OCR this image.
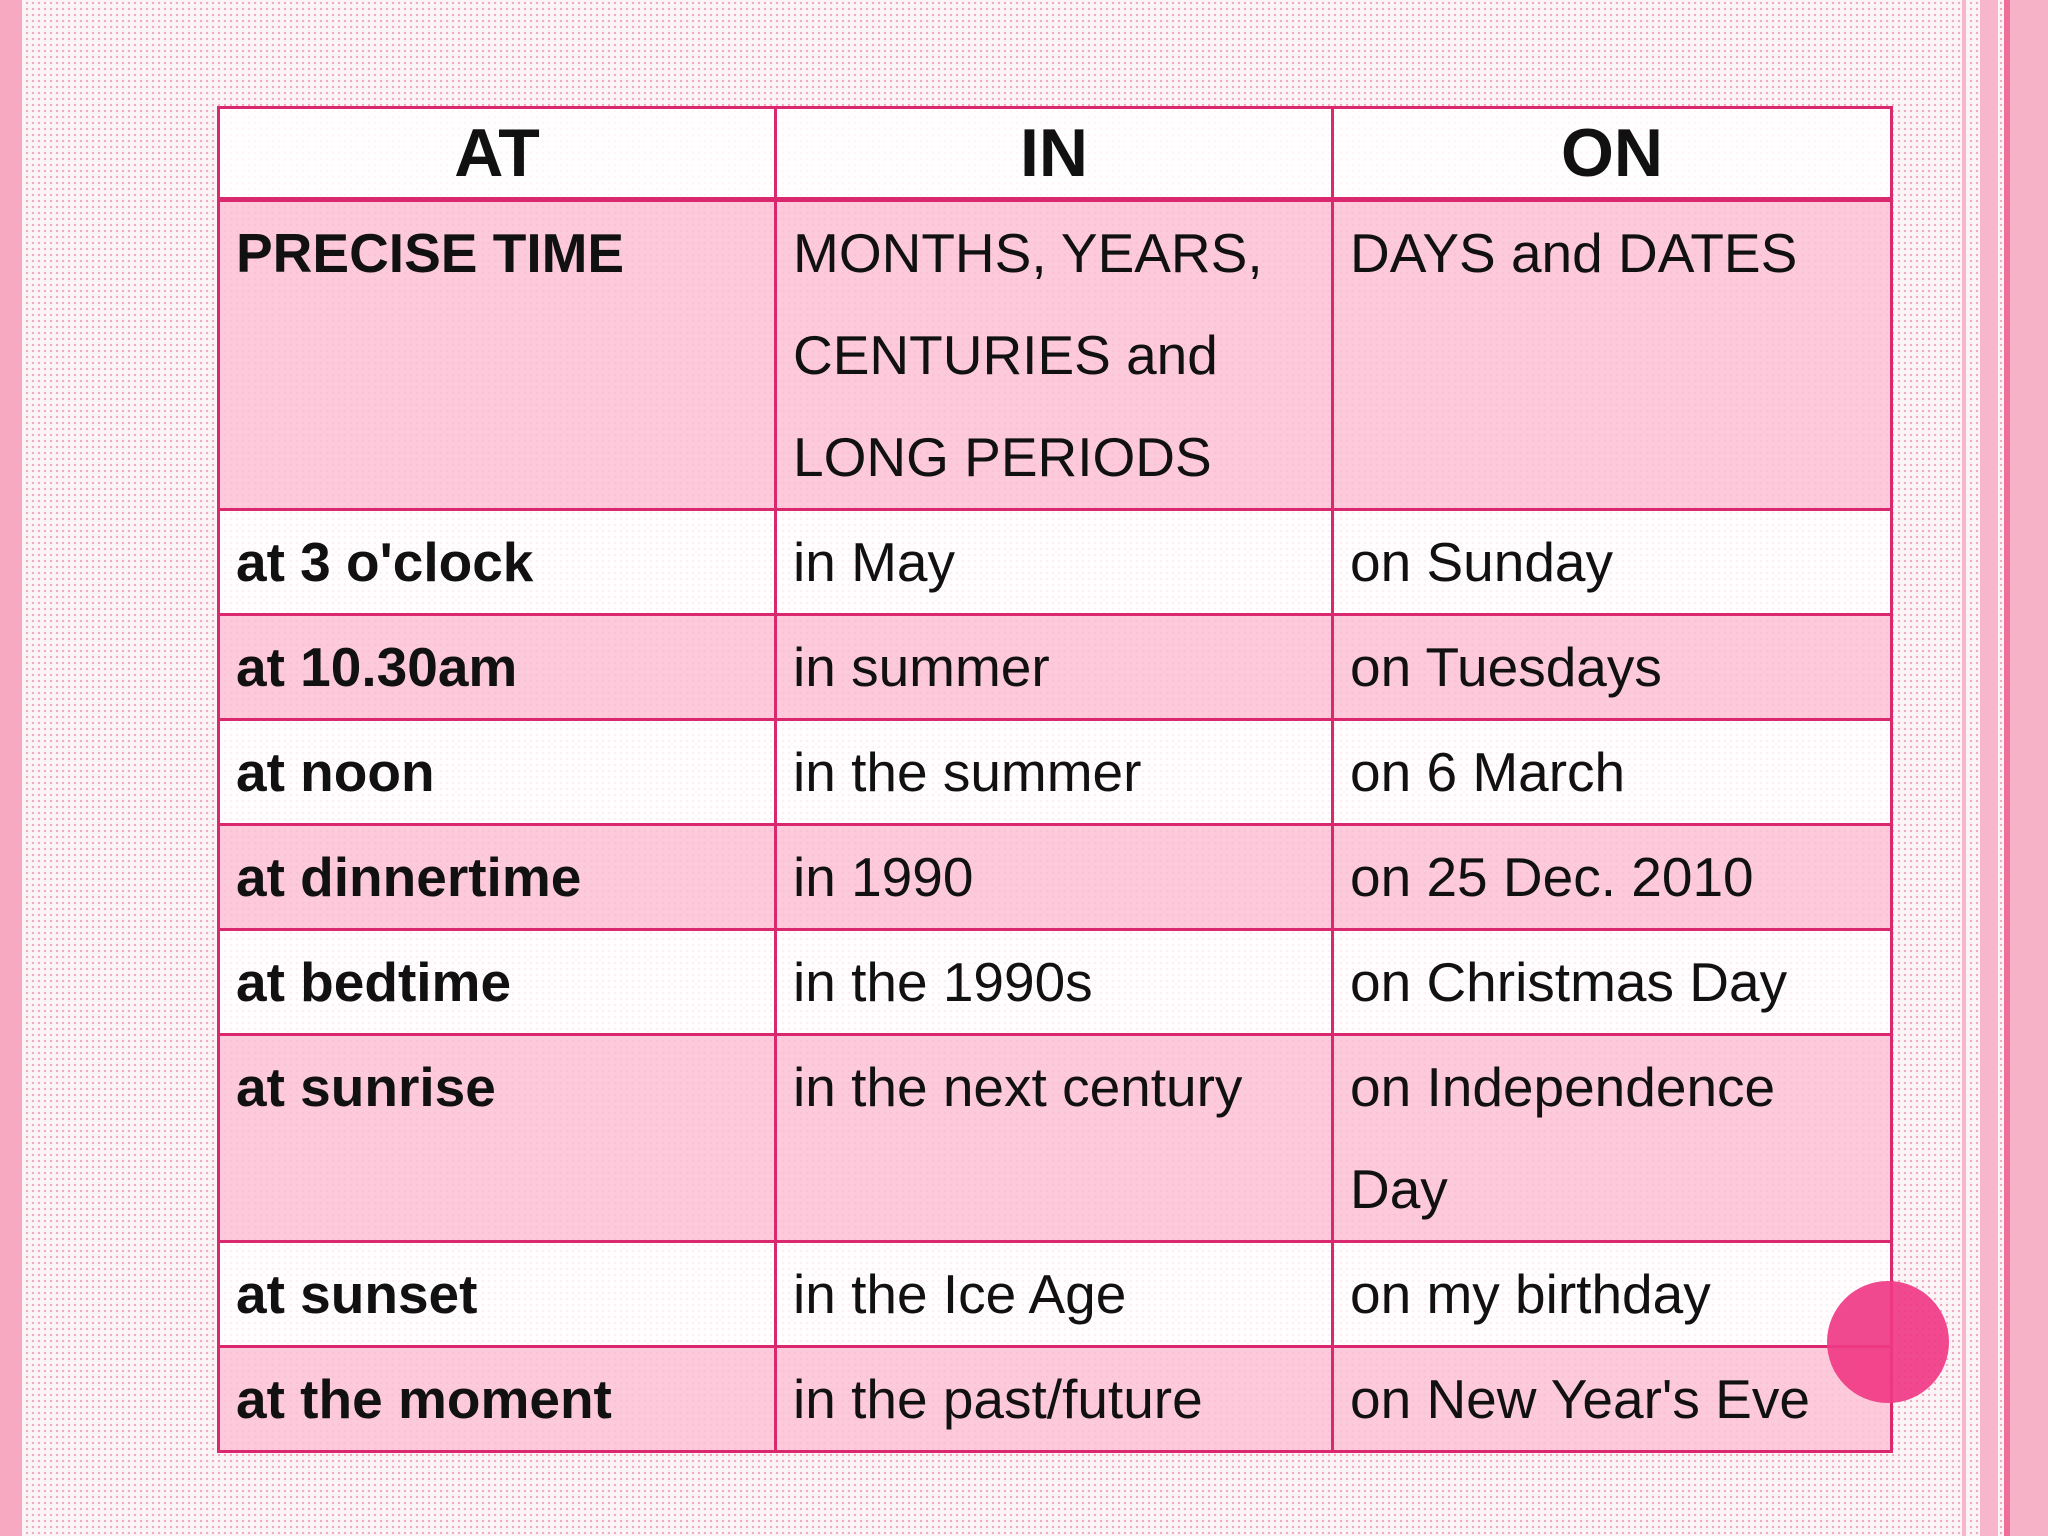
AT	IN	ON
PRECISE TIME	MONTHS, YEARS, CENTURIES and LONG PERIODS	DAYS and DATES
at 3 o'clock	in May	on Sunday
at 10.30am	in summer	on Tuesdays
at noon	in the summer	on 6 March
at dinnertime	in 1990	on 25 Dec. 2010
at bedtime	in the 1990s	on Christmas Day
at sunrise	in the next century	on Independence Day
at sunset	in the Ice Age	on my birthday
at the moment	in the past/future	on New Year's Eve
